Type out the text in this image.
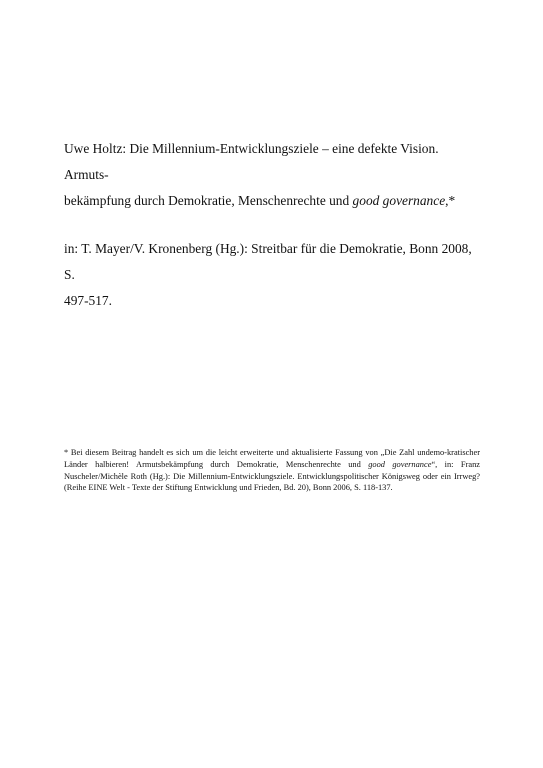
Uwe Holtz: Die Millennium-Entwicklungsziele – eine defekte Vision. Armuts-
bekämpfung durch Demokratie, Menschenrechte und good governance,*

in: T. Mayer/V. Kronenberg (Hg.): Streitbar für die Demokratie, Bonn 2008, S.
497-517.

* Bei diesem Beitrag handelt es sich um die leicht erweiterte und aktualisierte Fassung von „Die Zahl undemo-kratischer Länder halbieren! Armutsbekämpfung durch Demokratie, Menschenrechte und good governance“, in: Franz Nuscheler/Michèle Roth (Hg.): Die Millennium-Entwicklungsziele. Entwicklungspolitischer Königsweg oder ein Irrweg? (Reihe EINE Welt - Texte der Stiftung Entwicklung und Frieden, Bd. 20), Bonn 2006, S. 118-137.
